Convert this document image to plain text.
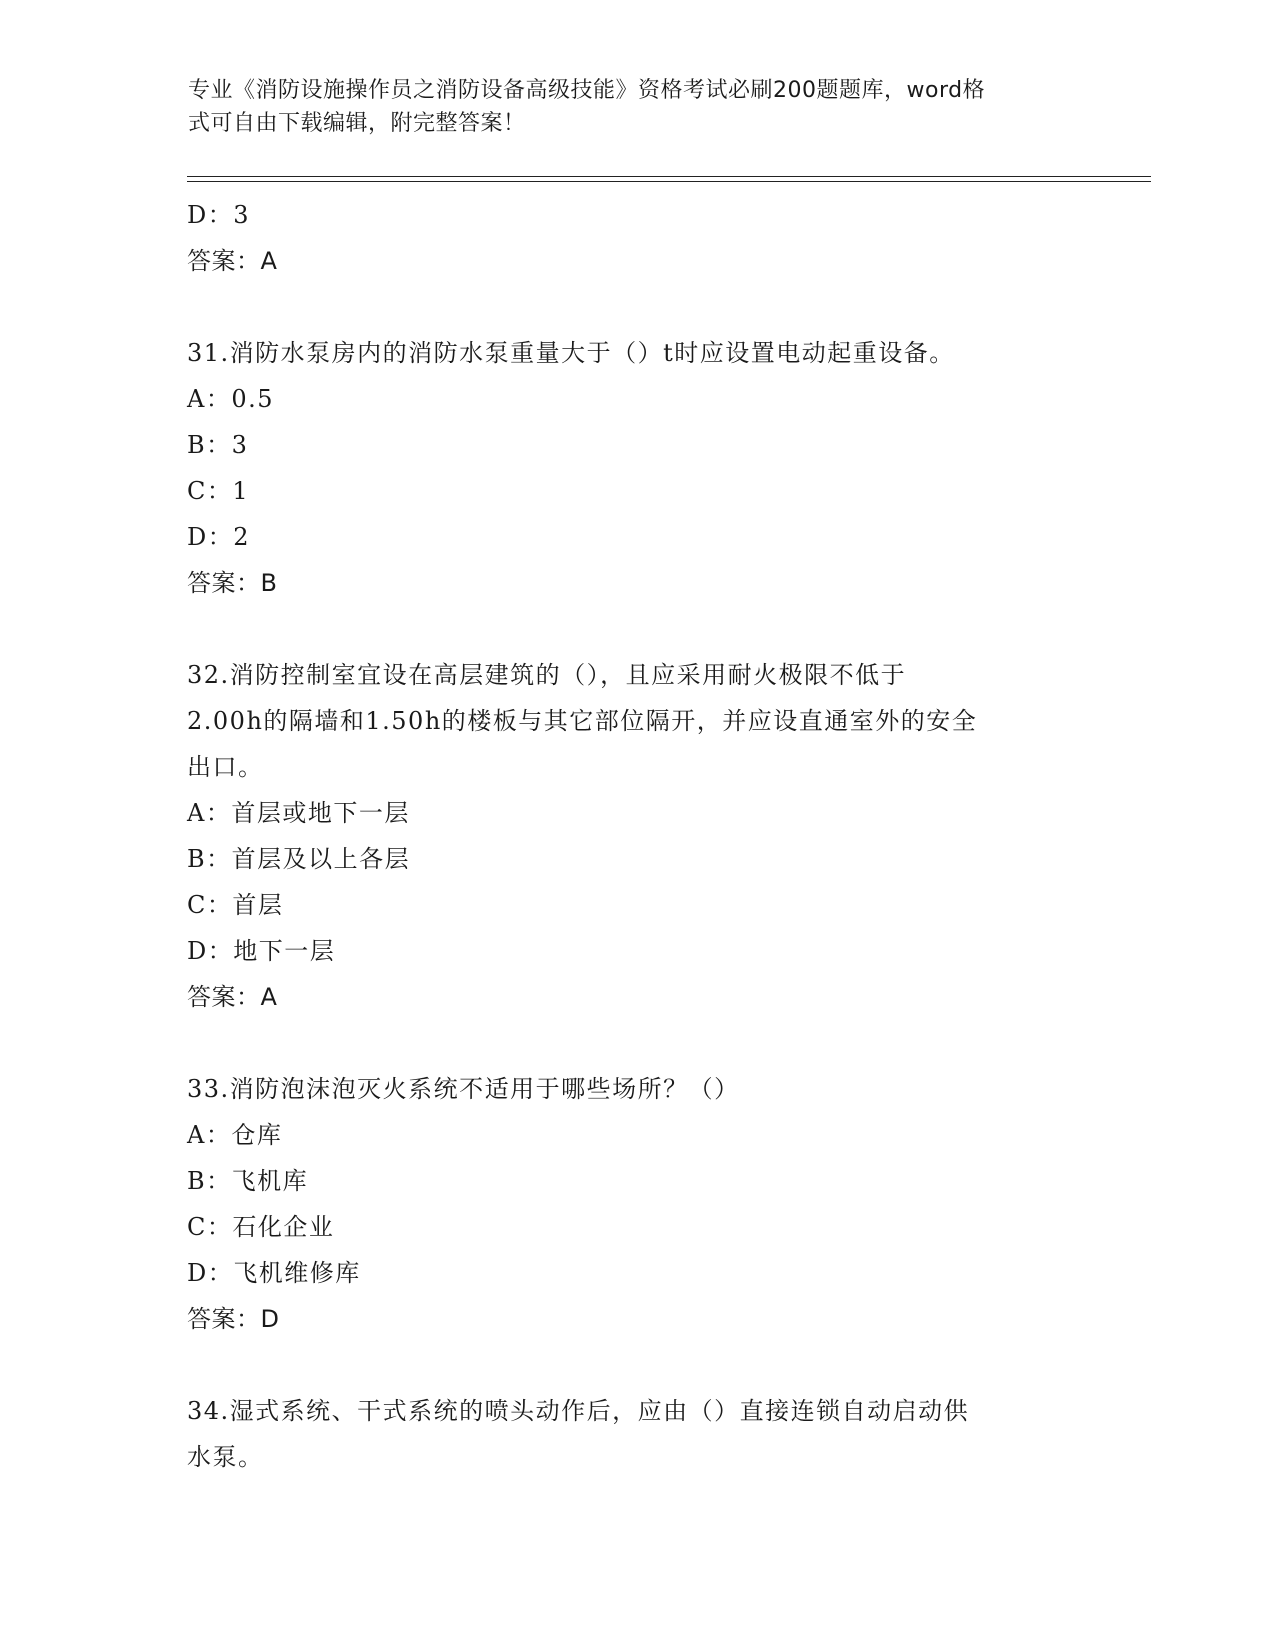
专业《消防设施操作员之消防设备高级技能》资格考试必刷200题题库，word格
式可自由下载编辑，附完整答案！
D：3
答案：A
31.消防水泵房内的消防水泵重量大于（）t时应设置电动起重设备。
A：0.5
B：3
C：1
D：2
答案：B
32.消防控制室宜设在高层建筑的（），且应采用耐火极限不低于
2.00h的隔墙和1.50h的楼板与其它部位隔开，并应设直通室外的安全
出口。
A：首层或地下一层
B：首层及以上各层
C：首层
D：地下一层
答案：A
33.消防泡沫泡灭火系统不适用于哪些场所？（）
A：仓库
B：飞机库
C：石化企业
D：飞机维修库
答案：D
34.湿式系统、干式系统的喷头动作后，应由（）直接连锁自动启动供
水泵。
